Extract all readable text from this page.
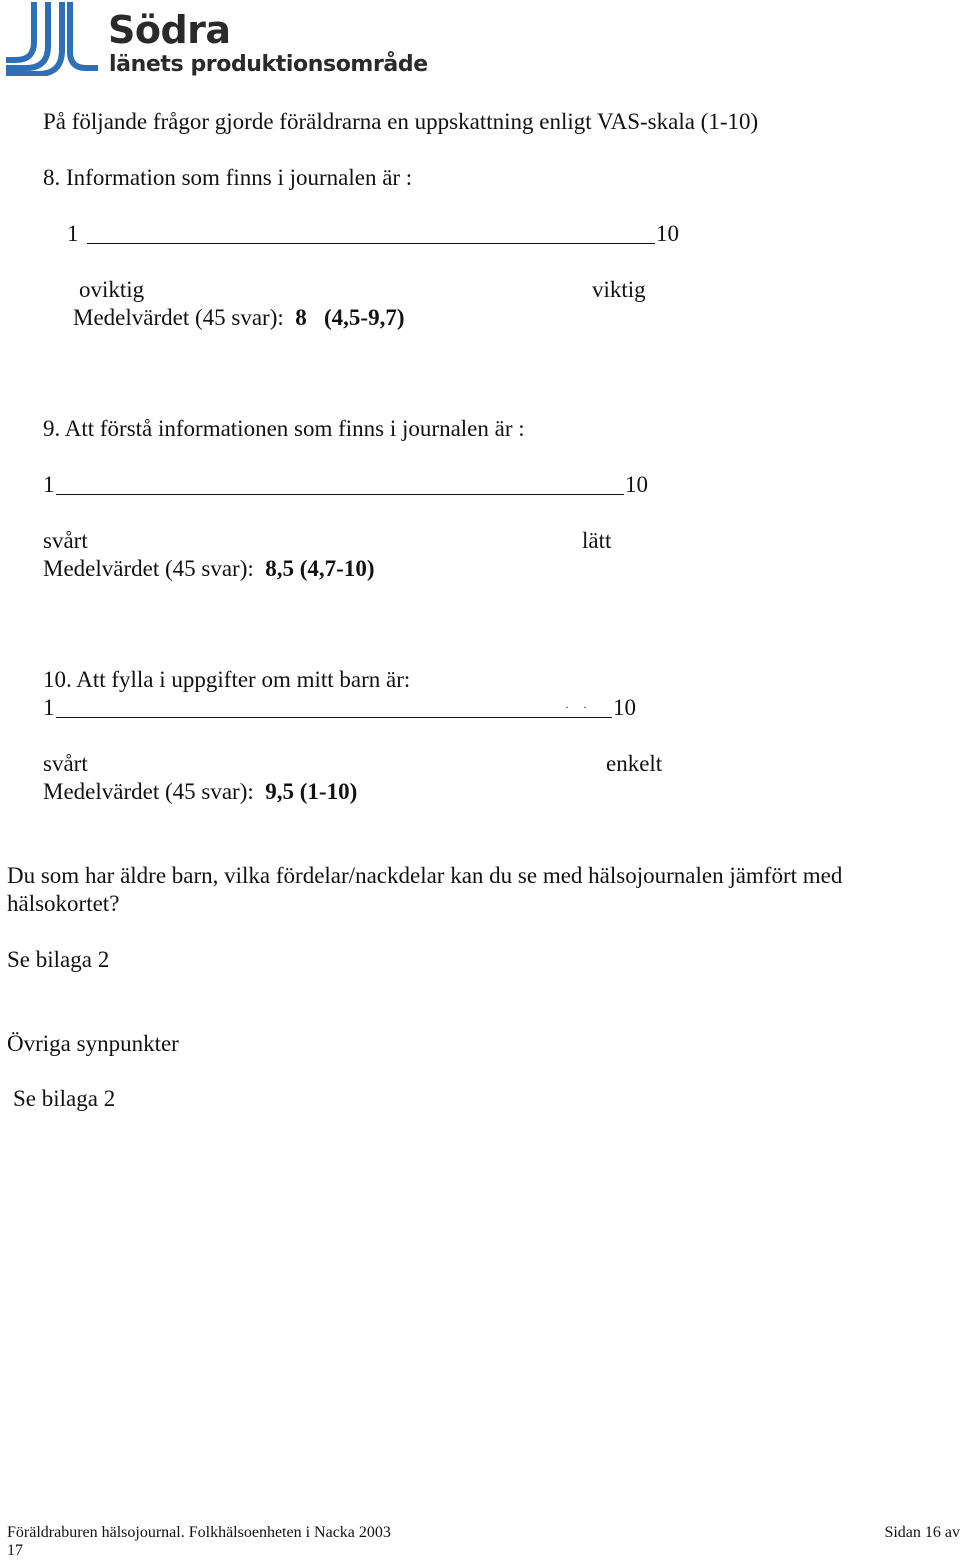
Södra
länets produktionsområde
På följande frågor gjorde föräldrarna en uppskattning enligt VAS-skala (1-10)
8. Information som finns i journalen är :
1	10
oviktig	viktig
Medelvärdet (45 svar): 8 (4,5-9,7)
9. Att förstå informationen som finns i journalen är :
1	10
svårt	lätt
Medelvärdet (45 svar): 8,5 (4,7-10)
10. Att fylla i uppgifter om mitt barn är:
1	·· 10
svårt	enkelt
Medelvärdet (45 svar): 9,5 (1-10)
Du som har äldre barn, vilka fördelar/nackdelar kan du se med hälsojournalen jämfört med
hälsokortet?
Se bilaga 2
Övriga synpunkter
Se bilaga 2
Föräldraburen hälsojournal. Folkhälsoenheten i Nacka 2003	Sidan 16 av
17
